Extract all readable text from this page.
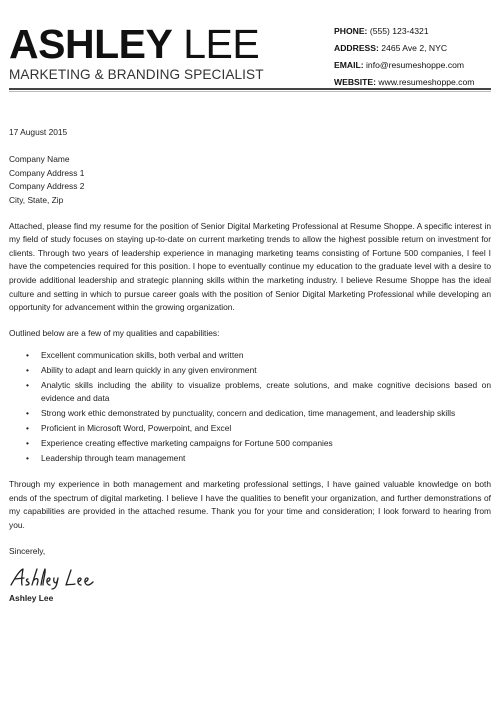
ASHLEY LEE
MARKETING & BRANDING SPECIALIST
PHONE: (555) 123-4321
ADDRESS: 2465 Ave 2, NYC
EMAIL: info@resumeshoppe.com
WEBSITE: www.resumeshoppe.com

17 August 2015

Company Name
Company Address 1
Company Address 2
City, State, Zip

Attached, please find my resume for the position of Senior Digital Marketing Professional at Resume Shoppe. A specific interest in my field of study focuses on staying up-to-date on current marketing trends to allow the highest possible return on investment for clients. Through two years of leadership experience in managing marketing teams consisting of Fortune 500 companies, I feel I have the competencies required for this position. I hope to eventually continue my education to the graduate level with a desire to provide additional leadership and strategic planning skills within the marketing industry. I believe Resume Shoppe has the ideal culture and setting in which to pursue career goals with the position of Senior Digital Marketing Professional while developing an opportunity for advancement within the growing organization.

Outlined below are a few of my qualities and capabilities:

• Excellent communication skills, both verbal and written
• Ability to adapt and learn quickly in any given environment
• Analytic skills including the ability to visualize problems, create solutions, and make cognitive decisions based on evidence and data
• Strong work ethic demonstrated by punctuality, concern and dedication, time management, and leadership skills
• Proficient in Microsoft Word, Powerpoint, and Excel
• Experience creating effective marketing campaigns for Fortune 500 companies
• Leadership through team management

Through my experience in both management and marketing professional settings, I have gained valuable knowledge on both ends of the spectrum of digital marketing. I believe I have the qualities to benefit your organization, and further demonstrations of my capabilities are provided in the attached resume. Thank you for your time and consideration; I look forward to hearing from you.

Sincerely,

Ashley Lee
